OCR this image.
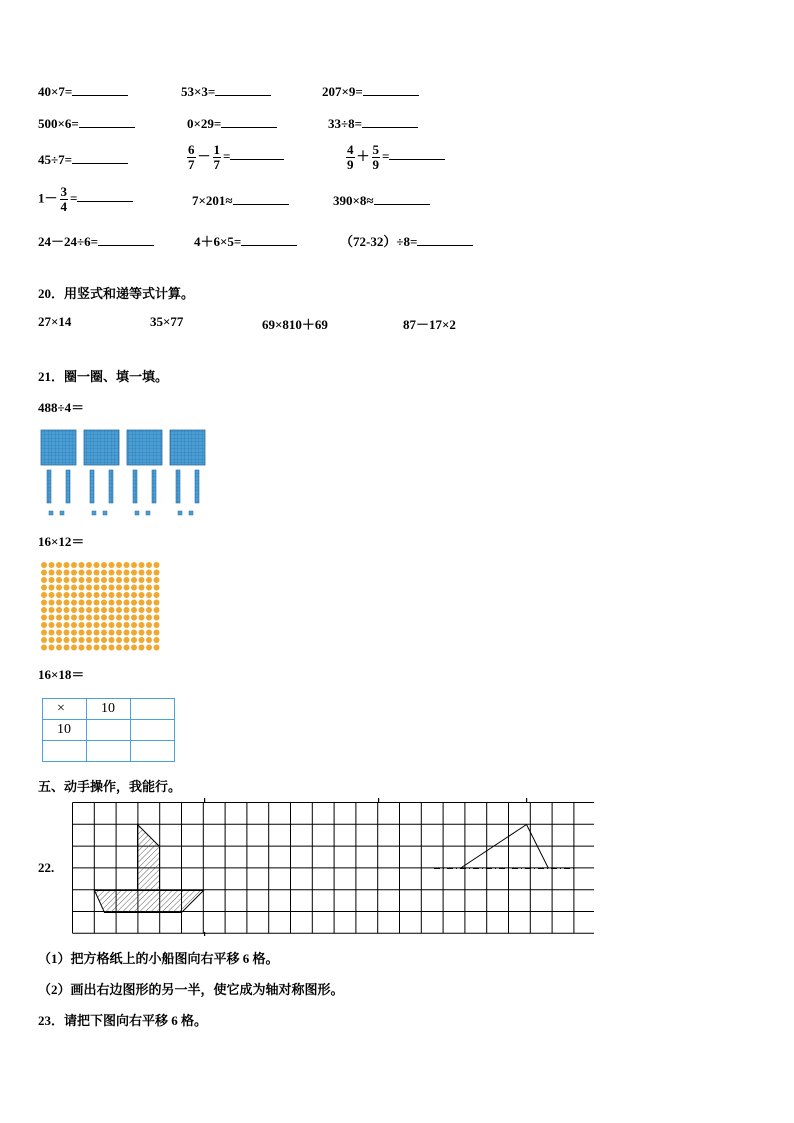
40×7=	53×3=	207×9=
500×6=	0×29=	33÷8=
45÷7=	$\frac{6}{7} - \frac{1}{7}$ =	$\frac{4}{9} + \frac{5}{9}$ =
$1- \frac{3}{4}$ =	7×201≈	390×8≈
24－24÷6=	4＋6×5=	（72-32）÷8=
20．用竖式和递等式计算。
27×14	35×77	69×810＋69	87－17×2
21．圈一圈、填一填。
488÷4＝
16×12＝
16×18＝
×	10	
10		

五、动手操作，我能行。
22.
（1）把方格纸上的小船图向右平移 6 格。
（2）画出右边图形的另一半，使它成为轴对称图形。
23．请把下图向右平移 6 格。
